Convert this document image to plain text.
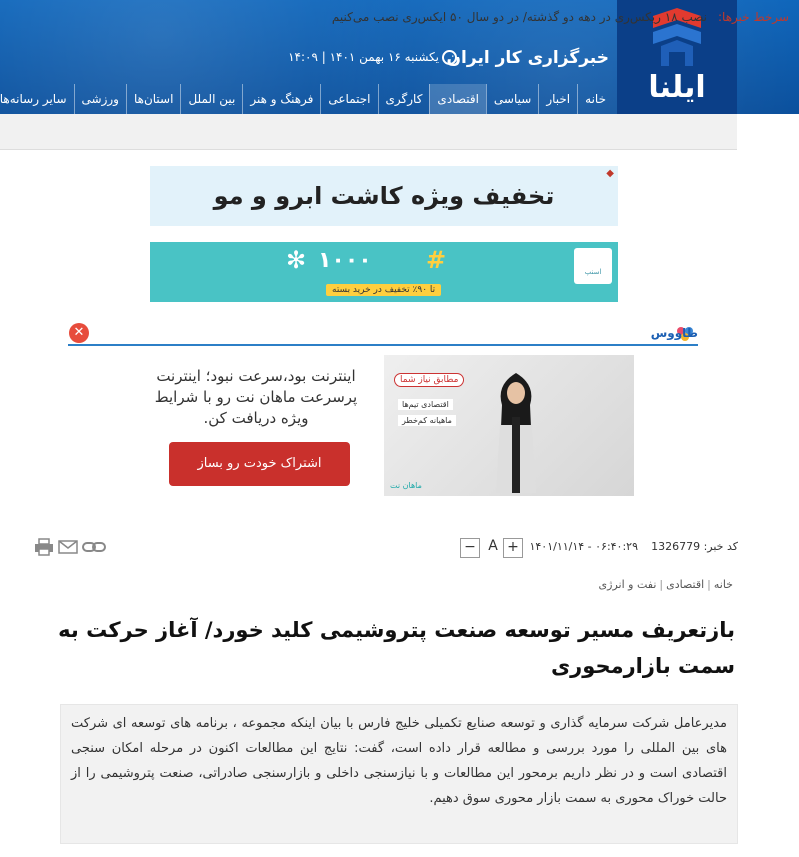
ایلنا
خبرگزاری کار ایران
یکشنبه ۱۶ بهمن ۱۴۰۱ | ۱۴:۰۹
خانه
اخبار
سیاسی
اقتصادی
کارگری
اجتماعی
فرهنگ و هنر
بین الملل
استان‌ها
ورزشی
سایر رسانه‌ها
سرخط خبرها:
نصب ۱۸ ریکس‌ری در دهه دو گذشته/ در دو سال ۵۰ ایکس‌ری نصب می‌کنیم
تخفیف ویژه کاشت ابرو و مو
◆
✻ ۱۰۰۰ #
تا ۹۰٪ تخفیف در خرید بسته
اسنپ
✕	طاووس
مطابق نیاز شما
اقتصادی تیم‌ها
ماهیانه کم‌خطر
ماهان نت
اینترنت بود،سرعت نبود؛ اینترنت پرسرعت ماهان نت رو با شرایط ویژه دریافت کن.
اشتراک خودت رو بساز
کد خبر: 1326779
۱۴۰۱/۱۱/۱۴ - ۰۶:۴۰:۲۹
+
A
−
خانه|اقتصادی|نفت و انرژی
بازتعریف مسیر توسعه صنعت پتروشیمی کلید خورد/ آغاز حرکت به سمت بازارمحوری

مدیرعامل شرکت سرمایه گذاری و توسعه صنایع تکمیلی خلیج فارس با بیان اینکه مجموعه ، برنامه های توسعه ای شرکت های بین المللی را مورد بررسی و مطالعه قرار داده است، گفت: نتایج این مطالعات اکنون در مرحله امکان سنجی اقتصادی است و در نظر داریم برمحور این مطالعات و با نیازسنجی داخلی و بازارسنجی صادراتی، صنعت پتروشیمی را از حالت خوراک محوری به سمت بازار محوری سوق دهیم.
